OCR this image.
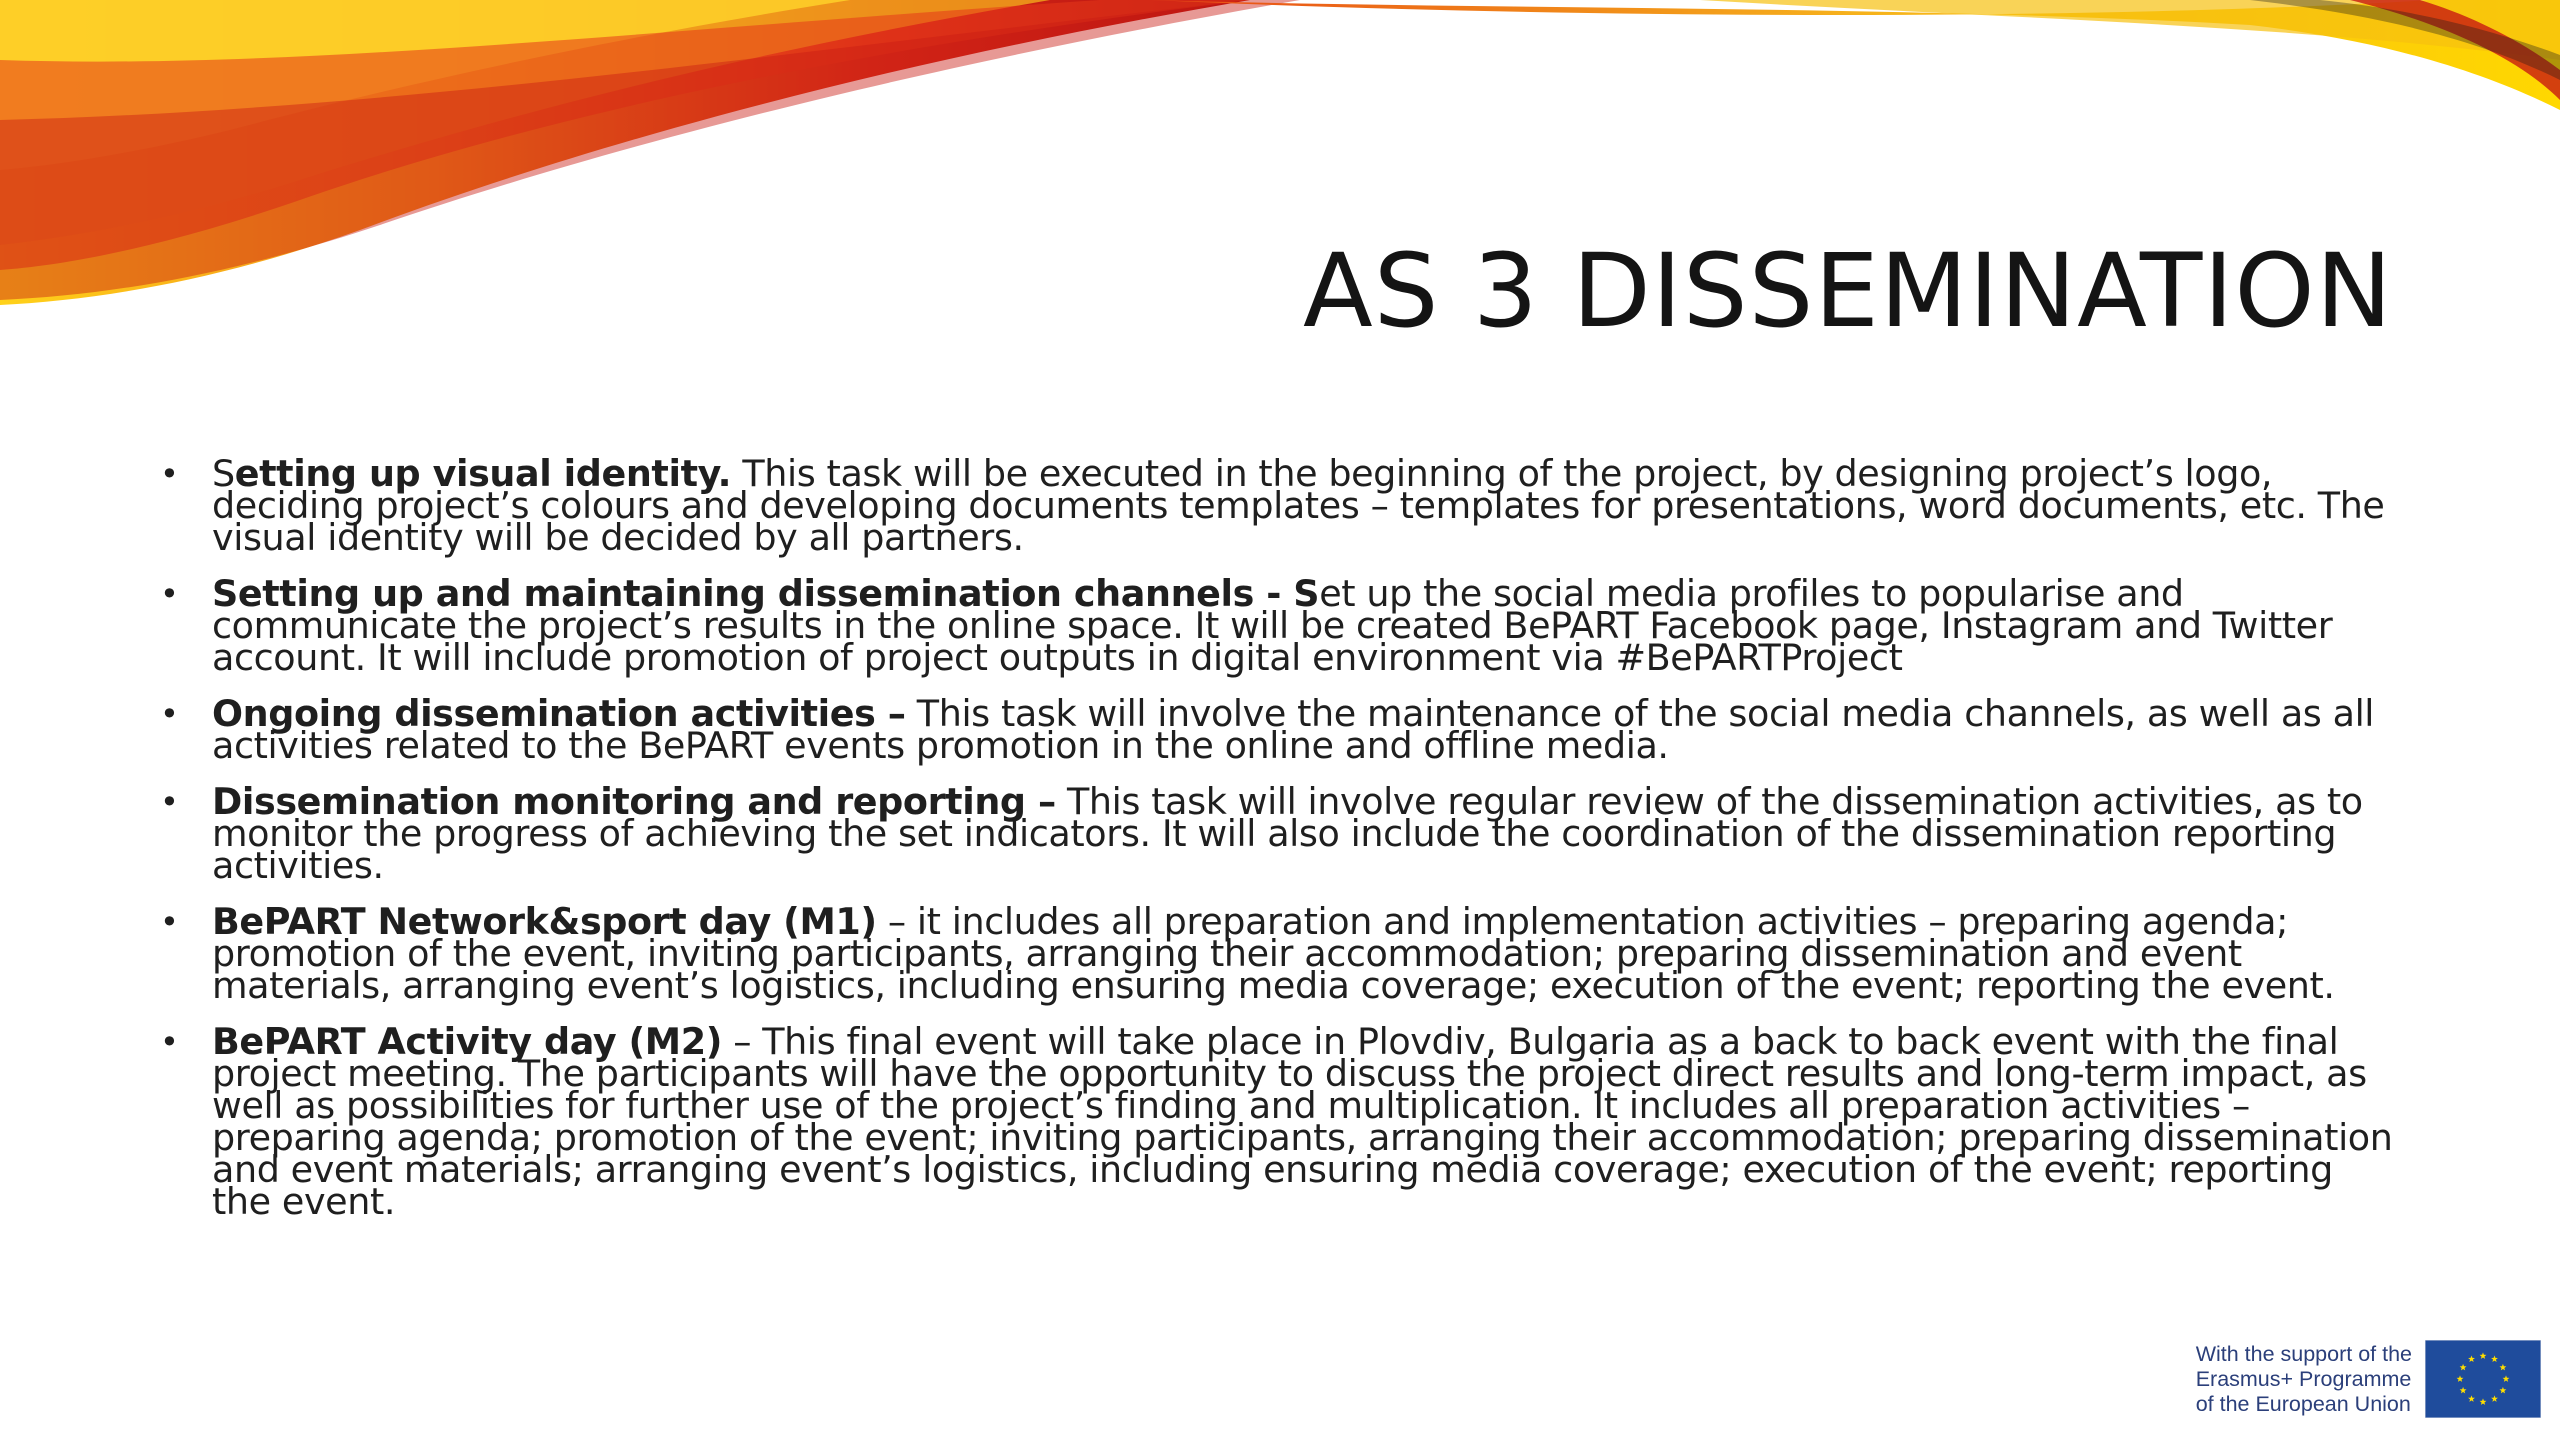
AS 3 DISSEMINATION
• Setting up visual identity. This task will be executed in the beginning of the project, by designing project’s logo, deciding project’s colours and developing documents templates – templates for presentations, word documents, etc. The visual identity will be decided by all partners.
• Setting up and maintaining dissemination channels - Set up the social media profiles to popularise and communicate the project’s results in the online space. It will be created BePART Facebook page, Instagram and Twitter account. It will include promotion of project outputs in digital environment via #BePARTProject
• Ongoing dissemination activities – This task will involve the maintenance of the social media channels, as well as all activities related to the BePART events promotion in the online and offline media.
• Dissemination monitoring and reporting – This task will involve regular review of the dissemination activities, as to monitor the progress of achieving the set indicators. It will also include the coordination of the dissemination reporting activities.
• BePART Network&sport day (M1) – it includes all preparation and implementation activities – preparing agenda; promotion of the event, inviting participants, arranging their accommodation; preparing dissemination and event materials, arranging event’s logistics, including ensuring media coverage; execution of the event; reporting the event.
• BePART Activity day (M2) – This final event will take place in Plovdiv, Bulgaria as a back to back event with the final project meeting. The participants will have the opportunity to discuss the project direct results and long-term impact, as well as possibilities for further use of the project’s finding and multiplication. It includes all preparation activities – preparing agenda; promotion of the event; inviting participants, arranging their accommodation; preparing dissemination and event materials; arranging event’s logistics, including ensuring media coverage; execution of the event; reporting the event.
With the support of the
Erasmus+ Programme
of the European Union
